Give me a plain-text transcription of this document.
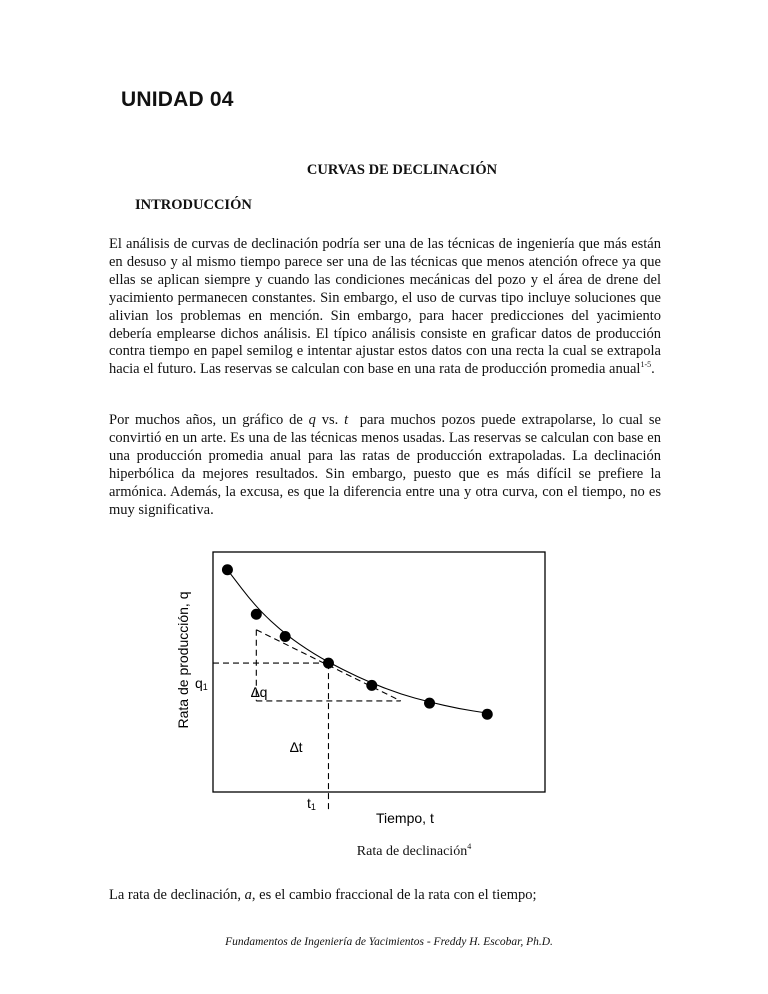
UNIDAD 04
CURVAS DE DECLINACIÓN
INTRODUCCIÓN
El análisis de curvas de declinación podría ser una de las técnicas de ingeniería que más están en desuso y al mismo tiempo parece ser una de las técnicas que menos atención ofrece ya que ellas se aplican siempre y cuando las condiciones mecánicas del pozo y el área de drene del yacimiento permanecen constantes. Sin embargo, el uso de curvas tipo incluye soluciones que alivian los problemas en mención. Sin embargo, para hacer predicciones del yacimiento debería emplearse dichos análisis. El típico análisis consiste en graficar datos de producción contra tiempo en papel semilog e intentar ajustar estos datos con una recta la cual se extrapola hacia el futuro. Las reservas se calculan con base en una rata de producción promedia anual$^{1-5}$.
Por muchos años, un gráfico de q vs. t  para muchos pozos puede extrapolarse, lo cual se convirtió en un arte. Es una de las técnicas menos usadas. Las reservas se calculan con base en una producción promedia anual para las ratas de producción extrapoladas. La declinación hiperbólica da mejores resultados. Sin embargo, puesto que es más difícil se prefiere la armónica. Además, la excusa, es que la diferencia entre una y otra curva, con el tiempo, no es muy significativa.
Rata de producción, q
Tiempo, t
q1
t1
∆q
∆t
Rata de declinación$^4$
La rata de declinación, a, es el cambio fraccional de la rata con el tiempo;
Fundamentos de Ingeniería de Yacimientos - Freddy H. Escobar, Ph.D.
